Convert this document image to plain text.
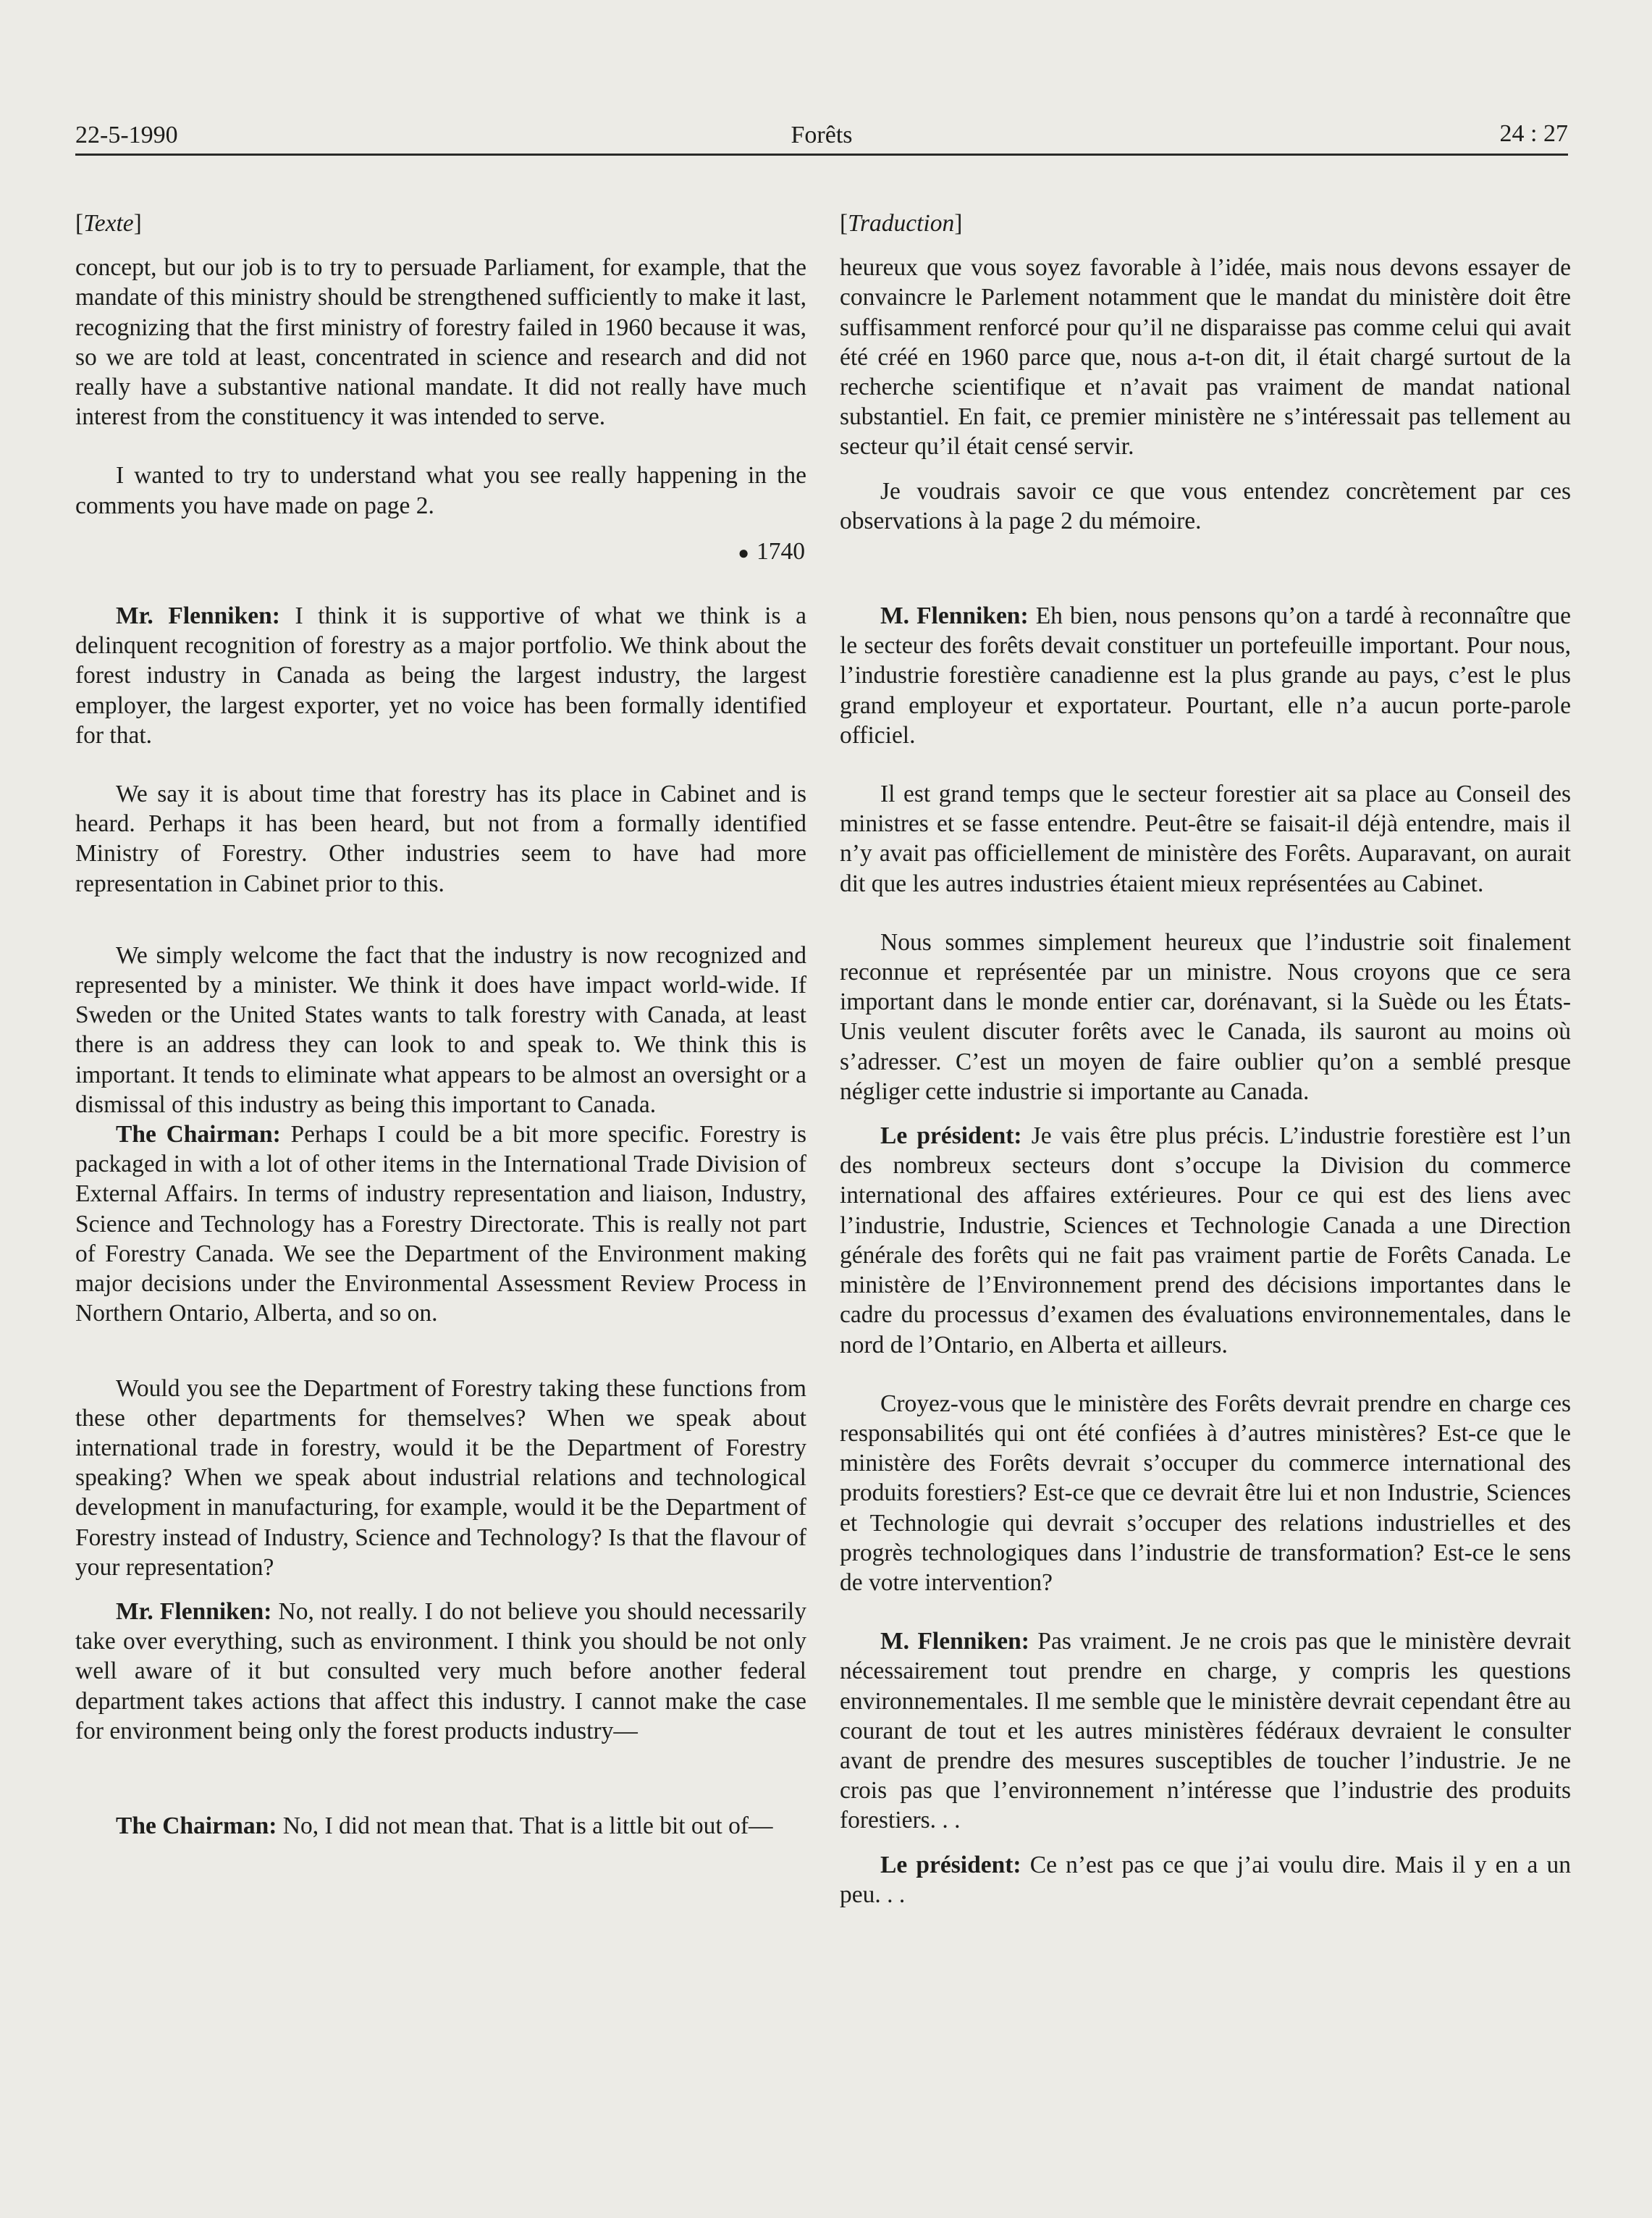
22-5-1990	Forêts	24 : 27
[Texte]

concept, but our job is to try to persuade Parliament, for example, that the mandate of this ministry should be strengthened sufficiently to make it last, recognizing that the first ministry of forestry failed in 1960 because it was, so we are told at least, concentrated in science and research and did not really have a substantive national mandate. It did not really have much interest from the constituency it was intended to serve.

I wanted to try to understand what you see really happening in the comments you have made on page 2.

● 1740

Mr. Flenniken: I think it is supportive of what we think is a delinquent recognition of forestry as a major portfolio. We think about the forest industry in Canada as being the largest industry, the largest employer, the largest exporter, yet no voice has been formally identified for that.

We say it is about time that forestry has its place in Cabinet and is heard. Perhaps it has been heard, but not from a formally identified Ministry of Forestry. Other industries seem to have had more representation in Cabinet prior to this.

We simply welcome the fact that the industry is now recognized and represented by a minister. We think it does have impact world-wide. If Sweden or the United States wants to talk forestry with Canada, at least there is an address they can look to and speak to. We think this is important. It tends to eliminate what appears to be almost an oversight or a dismissal of this industry as being this important to Canada.

The Chairman: Perhaps I could be a bit more specific. Forestry is packaged in with a lot of other items in the International Trade Division of External Affairs. In terms of industry representation and liaison, Industry, Science and Technology has a Forestry Directorate. This is really not part of Forestry Canada. We see the Department of the Environment making major decisions under the Environmental Assessment Review Process in Northern Ontario, Alberta, and so on.

Would you see the Department of Forestry taking these functions from these other departments for themselves? When we speak about international trade in forestry, would it be the Department of Forestry speaking? When we speak about industrial relations and technological development in manufacturing, for example, would it be the Department of Forestry instead of Industry, Science and Technology? Is that the flavour of your representation?

Mr. Flenniken: No, not really. I do not believe you should necessarily take over everything, such as environment. I think you should be not only well aware of it but consulted very much before another federal department takes actions that affect this industry. I cannot make the case for environment being only the forest products industry—

The Chairman: No, I did not mean that. That is a little bit out of—

[Traduction]

heureux que vous soyez favorable à l’idée, mais nous devons essayer de convaincre le Parlement notamment que le mandat du ministère doit être suffisamment renforcé pour qu’il ne disparaisse pas comme celui qui avait été créé en 1960 parce que, nous a-t-on dit, il était chargé surtout de la recherche scientifique et n’avait pas vraiment de mandat national substantiel. En fait, ce premier ministère ne s’intéressait pas tellement au secteur qu’il était censé servir.

Je voudrais savoir ce que vous entendez concrètement par ces observations à la page 2 du mémoire.

M. Flenniken: Eh bien, nous pensons qu’on a tardé à reconnaître que le secteur des forêts devait constituer un portefeuille important. Pour nous, l’industrie forestière canadienne est la plus grande au pays, c’est le plus grand employeur et exportateur. Pourtant, elle n’a aucun porte-parole officiel.

Il est grand temps que le secteur forestier ait sa place au Conseil des ministres et se fasse entendre. Peut-être se faisait-il déjà entendre, mais il n’y avait pas officiellement de ministère des Forêts. Auparavant, on aurait dit que les autres industries étaient mieux représentées au Cabinet.

Nous sommes simplement heureux que l’industrie soit finalement reconnue et représentée par un ministre. Nous croyons que ce sera important dans le monde entier car, dorénavant, si la Suède ou les États-Unis veulent discuter forêts avec le Canada, ils sauront au moins où s’adresser. C’est un moyen de faire oublier qu’on a semblé presque négliger cette industrie si importante au Canada.

Le président: Je vais être plus précis. L’industrie forestière est l’un des nombreux secteurs dont s’occupe la Division du commerce international des affaires extérieures. Pour ce qui est des liens avec l’industrie, Industrie, Sciences et Technologie Canada a une Direction générale des forêts qui ne fait pas vraiment partie de Forêts Canada. Le ministère de l’Environnement prend des décisions importantes dans le cadre du processus d’examen des évaluations environnementales, dans le nord de l’Ontario, en Alberta et ailleurs.

Croyez-vous que le ministère des Forêts devrait prendre en charge ces responsabilités qui ont été confiées à d’autres ministères? Est-ce que le ministère des Forêts devrait s’occuper du commerce international des produits forestiers? Est-ce que ce devrait être lui et non Industrie, Sciences et Technologie qui devrait s’occuper des relations industrielles et des progrès technologiques dans l’industrie de transformation? Est-ce le sens de votre intervention?

M. Flenniken: Pas vraiment. Je ne crois pas que le ministère devrait nécessairement tout prendre en charge, y compris les questions environnementales. Il me semble que le ministère devrait cependant être au courant de tout et les autres ministères fédéraux devraient le consulter avant de prendre des mesures susceptibles de toucher l’industrie. Je ne crois pas que l’environnement n’intéresse que l’industrie des produits forestiers. . .

Le président: Ce n’est pas ce que j’ai voulu dire. Mais il y en a un peu. . .
